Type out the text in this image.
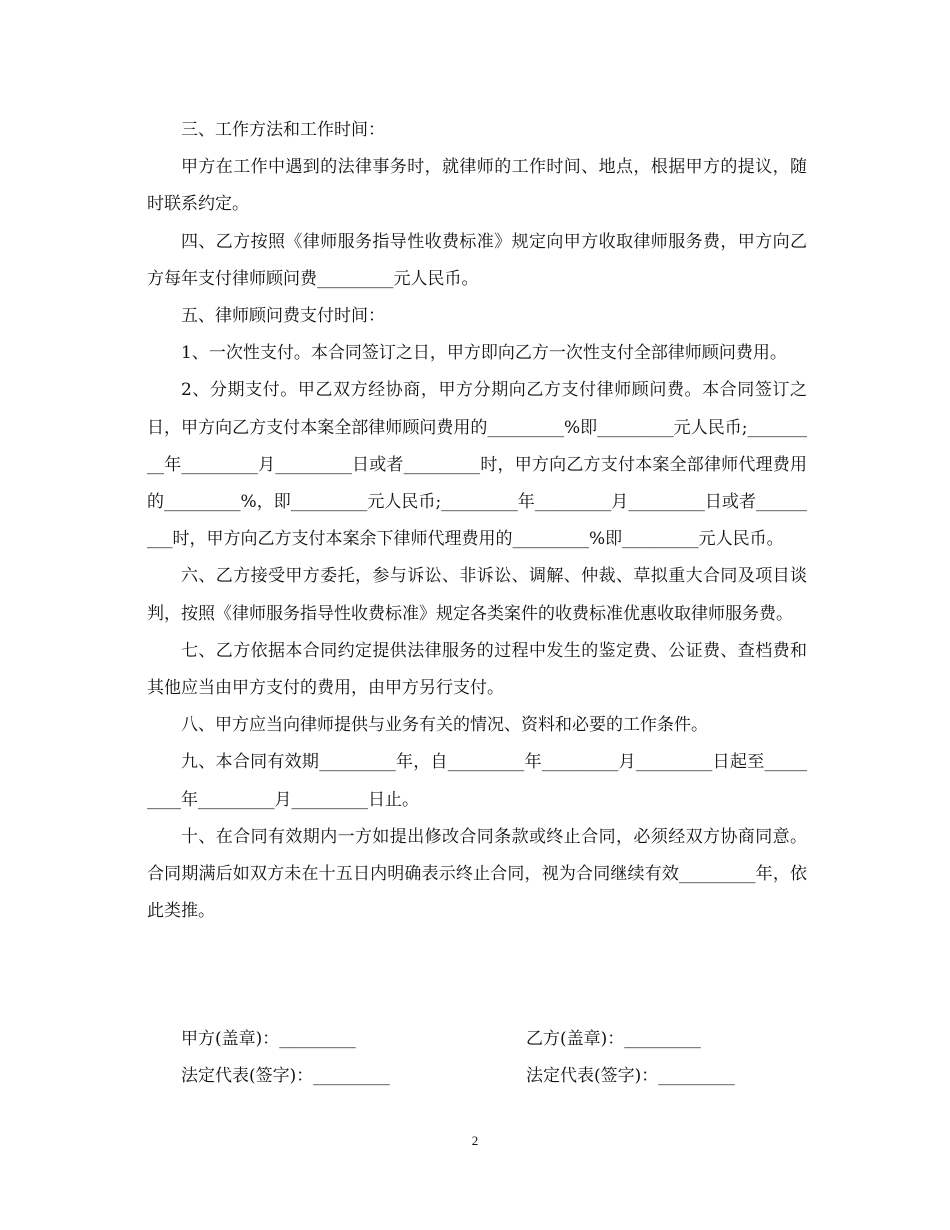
三、工作方法和工作时间：

甲方在工作中遇到的法律事务时，就律师的工作时间、地点，根据甲方的提议，随时联系约定。

四、乙方按照《律师服务指导性收费标准》规定向甲方收取律师服务费，甲方向乙方每年支付律师顾问费_________元人民币。

五、律师顾问费支付时间：

1、一次性支付。本合同签订之日，甲方即向乙方一次性支付全部律师顾问费用。

2、分期支付。甲乙双方经协商，甲方分期向乙方支付律师顾问费。本合同签订之日，甲方向乙方支付本案全部律师顾问费用的_________%即_________元人民币;_________年_________月_________日或者_________时，甲方向乙方支付本案全部律师代理费用的_________%，即_________元人民币;_________年_________月_________日或者_________时，甲方向乙方支付本案余下律师代理费用的_________%即_________元人民币。

六、乙方接受甲方委托，参与诉讼、非诉讼、调解、仲裁、草拟重大合同及项目谈判，按照《律师服务指导性收费标准》规定各类案件的收费标准优惠收取律师服务费。

七、乙方依据本合同约定提供法律服务的过程中发生的鉴定费、公证费、查档费和其他应当由甲方支付的费用，由甲方另行支付。

八、甲方应当向律师提供与业务有关的情况、资料和必要的工作条件。

九、本合同有效期_________年，自_________年_________月_________日起至_________年_________月_________日止。

十、在合同有效期内一方如提出修改合同条款或终止合同，必须经双方协商同意。合同期满后如双方未在十五日内明确表示终止合同，视为合同继续有效_________年，依此类推。

甲方(盖章)：_________	乙方(盖章)：_________
法定代表(签字)：_________	法定代表(签字)：_________
2
